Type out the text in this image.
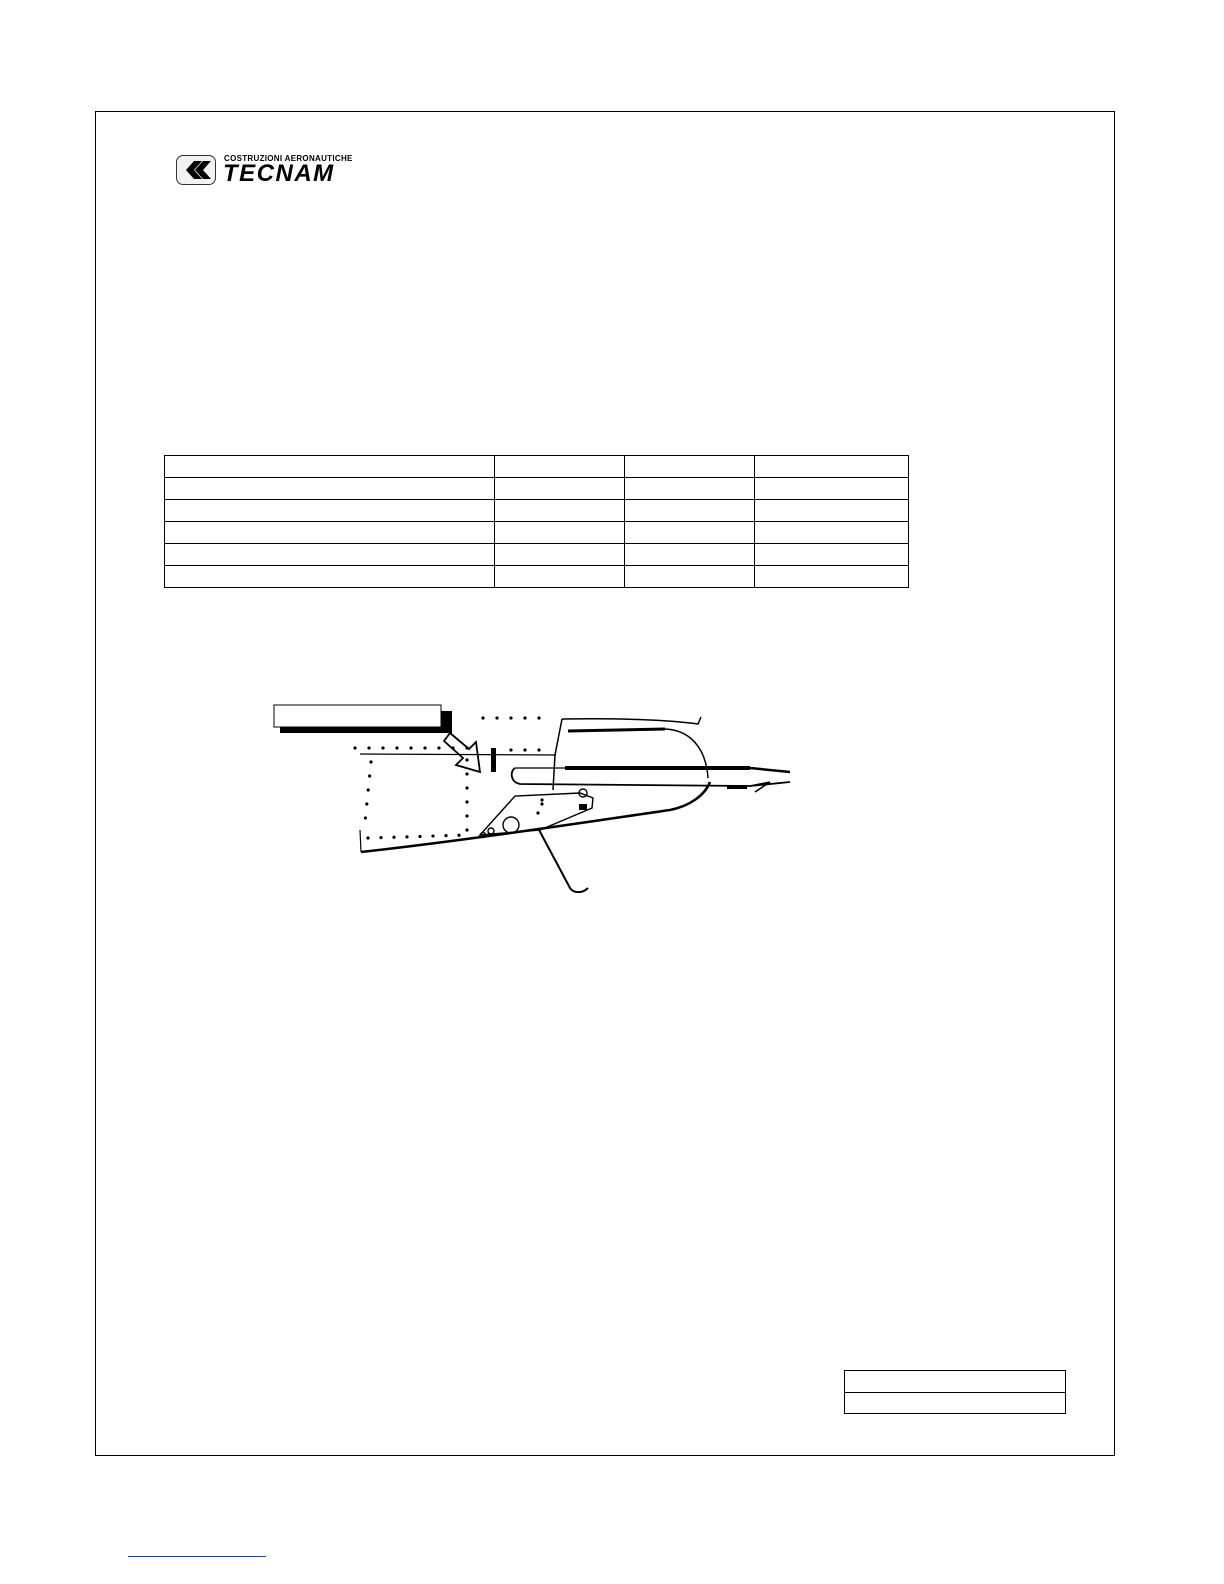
COSTRUZIONI AERONAUTICHE
TECNAM
